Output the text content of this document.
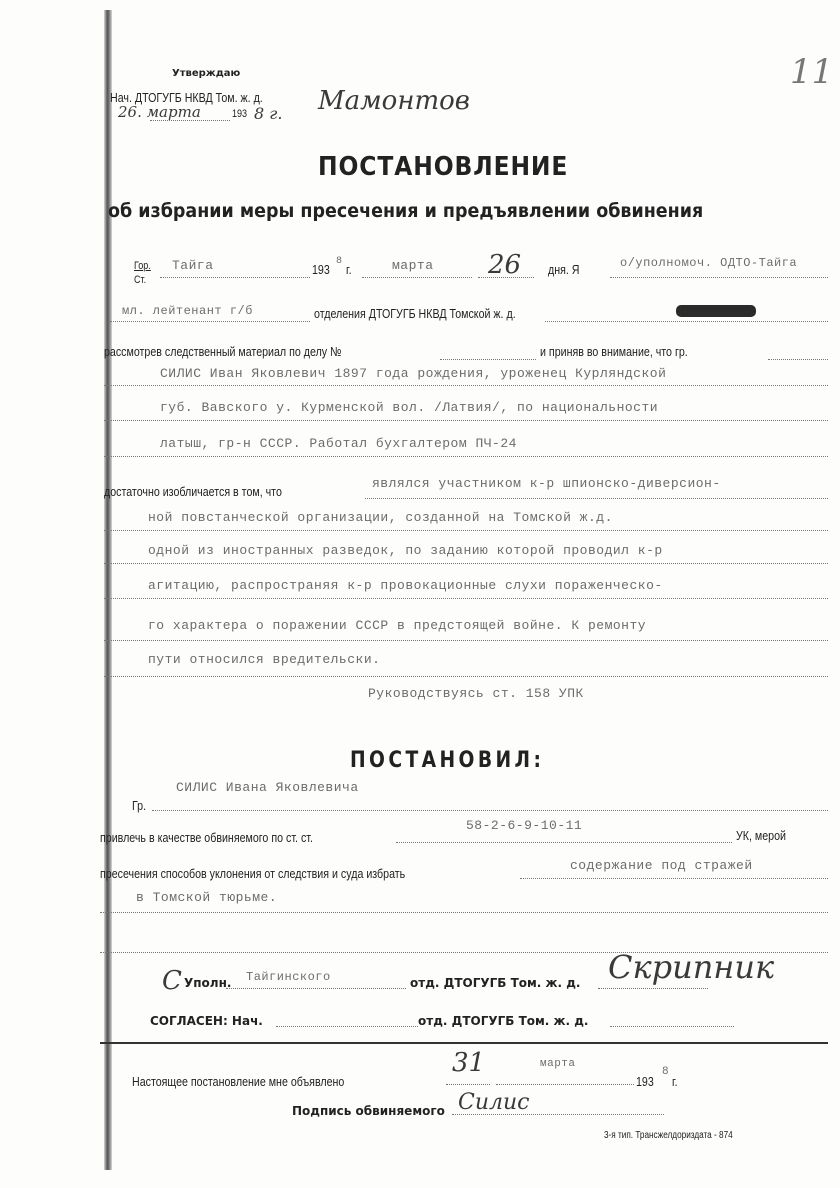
11
Утверждаю
Нач. ДТОГУГБ НКВД Том. ж. д.
26. марта	193 8 г. Мамонтов
ПОСТАНОВЛЕНИЕ
об избрании меры пресечения и предъявлении обвинения
Гор.
Ст.
Тайга	193
8
г.	марта 26 дня. Я	о/уполномоч. ОДТО-Тайга
мл. лейтенант г/б	отделения ДТОГУГБ НКВД Томской ж. д.
рассмотрев следственный материал по делу №	и приняв во внимание, что гр.
СИЛИС Иван Яковлевич 1897 года рождения, уроженец Курляндской
губ. Вавского у. Курменской вол. /Латвия/, по национальности
латыш, гр-н СССР. Работал бухгалтером ПЧ-24
достаточно изобличается в том, что
являлся участником к-р шпионско-диверсион-
ной повстанческой организации, созданной на Томской ж.д.
одной из иностранных разведок, по заданию которой проводил к-р
агитацию, распространяя к-р провокационные слухи пораженческо-
го характера о поражении СССР в предстоящей войне. К ремонту
пути относился вредительски.
Руководствуясь ст. 158 УПК
ПОСТАНОВИЛ:
Гр.
СИЛИС Ивана Яковлевича
привлечь в качестве обвиняемого по ст. ст.
58-2-6-9-10-11
УК, мерой
пресечения способов уклонения от следствия и суда избрать
содержание под стражей
в Томской тюрьме.
С Уполн. Тайгинского	отд. ДТОГУГБ Том. ж. д. Скрипник
СОГЛАСЕН: Нач.	отд. ДТОГУГБ Том. ж. д.
Настоящее постановление мне объявлено
31	марта
193
8
г.
Подпись обвиняемого Силис
3-я тип. Трансжелдориздата - 874
